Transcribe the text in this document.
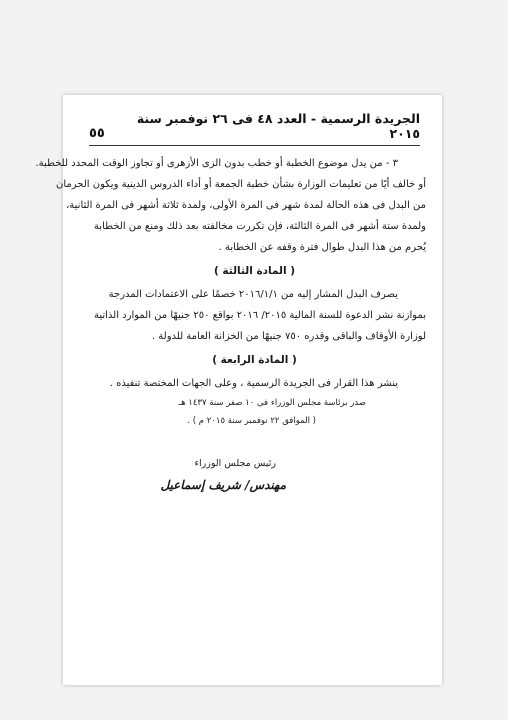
الجريدة الرسمية - العدد ٤٨ فى ٢٦ نوفمبر سنة ٢٠١٥
٥٥

٣ - من يدل موضوع الخطبة أو خطب بدون الزى الأزهرى أو تجاوز الوقت المحدد للخطبة.

أو خالف أيًا من تعليمات الوزارة بشأن خطبة الجمعة أو أداء الدروس الدينية ويكون الحرمان

من البدل فى هذه الحالة لمدة شهر فى المرة الأولى، ولمدة ثلاثة أشهر فى المرة الثانية،

ولمدة ستة أشهر فى المرة الثالثة، فإن تكررت مخالفته بعد ذلك ومنع من الخطابة

يُحرم من هذا البدل طوال فترة وقفه عن الخطابة .

( المادة الثالثة )

يصرف البدل المشار إليه من ٢٠١٦/١/١ خصمًا على الاعتمادات المدرجة

بموازنة نشر الدعوة للسنة المالية ٢٠١٥/ ٢٠١٦ بواقع ٢٥٠ جنيهًا من الموارد الذاتية

لوزارة الأوقاف والباقى وقدره ٧٥٠ جنيهًا من الخزانة العامة للدولة .

( المادة الرابعة )

ينشر هذا القرار فى الجريدة الرسمية ، وعلى الجهات المختصة تنفيذه .

صدر برئاسة مجلس الوزراء فى ١٠ صفر سنة ١٤٣٧ هـ

( الموافق ٢٢ نوفمبر سنة ٢٠١٥ م ) .

رئيس مجلس الوزراء
مهندس/ شريف إسماعيل
